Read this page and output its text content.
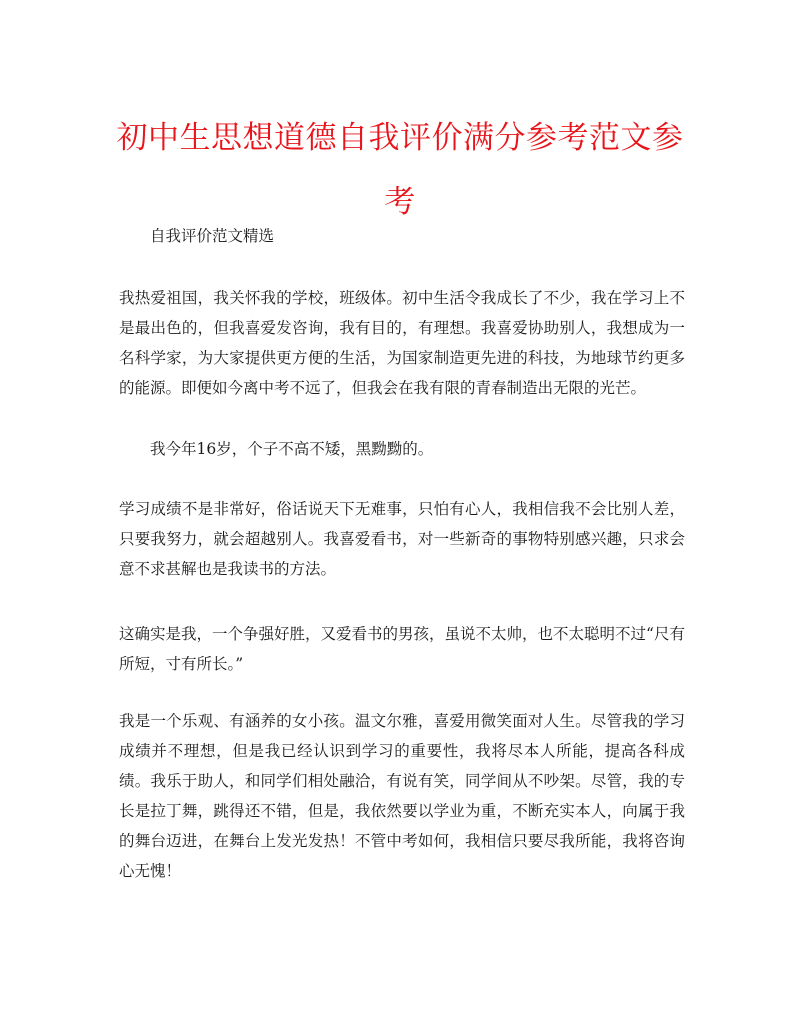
初中生思想道德自我评价满分参考范文参考

自我评价范文精选

我热爱祖国，我关怀我的学校，班级体。初中生活令我成长了不少，我在学习上不是最出色的，但我喜爱发咨询，我有目的，有理想。我喜爱协助别人，我想成为一名科学家，为大家提供更方便的生活，为国家制造更先进的科技，为地球节约更多的能源。即便如今离中考不远了，但我会在我有限的青春制造出无限的光芒。

我今年16岁，个子不高不矮，黑黝黝的。

学习成绩不是非常好，俗话说天下无难事，只怕有心人，我相信我不会比别人差，只要我努力，就会超越别人。我喜爱看书，对一些新奇的事物特别感兴趣，只求会意不求甚解也是我读书的方法。

这确实是我，一个争强好胜，又爱看书的男孩，虽说不太帅，也不太聪明不过“尺有所短，寸有所长。”

我是一个乐观、有涵养的女小孩。温文尔雅，喜爱用微笑面对人生。尽管我的学习成绩并不理想，但是我已经认识到学习的重要性，我将尽本人所能，提高各科成绩。我乐于助人，和同学们相处融洽，有说有笑，同学间从不吵架。尽管，我的专长是拉丁舞，跳得还不错，但是，我依然要以学业为重，不断充实本人，向属于我的舞台迈进，在舞台上发光发热！不管中考如何，我相信只要尽我所能，我将咨询心无愧！
